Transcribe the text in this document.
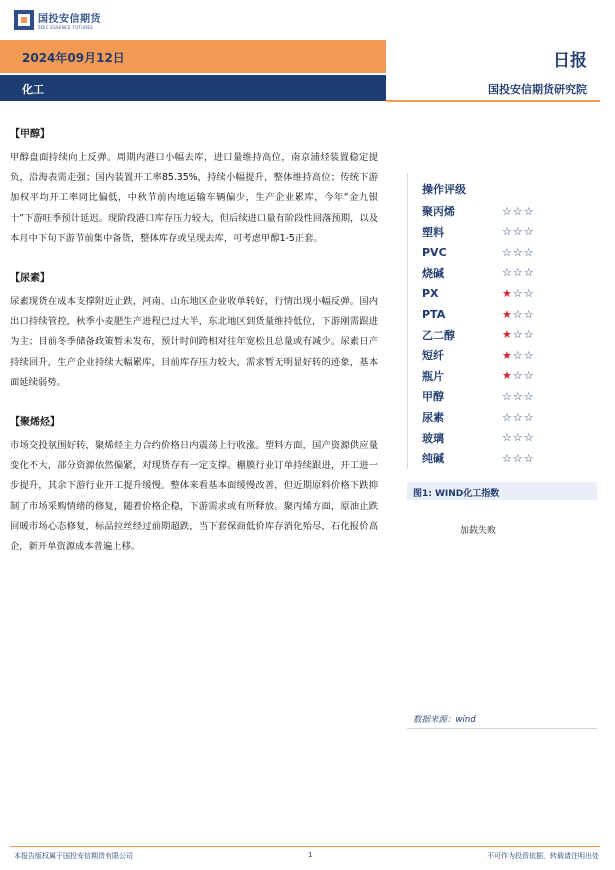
国投安信期货
SDIC ESSENCE FUTURES
2024年09月12日	日报
化工	国投安信期货研究院
【甲醇】
甲醇盘面持续向上反弹。周期内港口小幅去库，进口量维持高位，南京浦烃装置稳定提负，沿海表需走强；国内装置开工率85.35%，持续小幅提升，整体维持高位；传统下游加权平均开工率同比偏低，中秋节前内地运输车辆偏少，生产企业累库，今年“金九银十”下游旺季预计延迟。现阶段港口库存压力较大，但后续进口量有阶段性回落预期，以及本月中下旬下游节前集中备货，整体库存或呈现去库，可考虑甲醇1-5正套。
【尿素】
尿素现货在成本支撑附近止跌，河南、山东地区企业收单转好，行情出现小幅反弹。国内出口持续管控，秋季小麦肥生产进程已过大半，东北地区到货量维持低位，下游刚需跟进为主；目前冬季储备政策暂未发布，预计时间跨相对往年宽松且总量或有减少。尿素日产持续回升，生产企业持续大幅累库，目前库存压力较大，需求暂无明显好转的迹象，基本面延续弱势。
【聚烯烃】
市场交投氛围好转，聚烯烃主力合约价格日内震荡上行收涨。塑料方面，国产资源供应量变化不大，部分资源依然偏紧，对现货存有一定支撑。棚膜行业订单持续跟进，开工进一步提升，其余下游行业开工提升缓慢。整体来看基本面缓慢改善，但近期原料价格下跌抑制了市场采购情绪的修复，随着价格企稳，下游需求或有所释放。聚丙烯方面，原油止跌回暖市场心态修复，标品拉丝经过前期超跌，当下套保商低价库存消化殆尽，石化报价高企，新开单资源成本普遍上移。
操作评级
聚丙烯	☆ ☆ ☆
塑料	☆ ☆ ☆
PVC	☆ ☆ ☆
烧碱	☆ ☆ ☆
PX	★ ☆ ☆
PTA	★ ☆ ☆
乙二醇	★ ☆ ☆
短纤	★ ☆ ☆
瓶片	★ ☆ ☆
甲醇	☆ ☆ ☆
尿素	☆ ☆ ☆
玻璃	☆ ☆ ☆
纯碱	☆ ☆ ☆
图1: WIND化工指数
加载失败
数据来源：wind
本报告版权属于国投安信期货有限公司	1	不可作为投资依据，转载请注明出处
